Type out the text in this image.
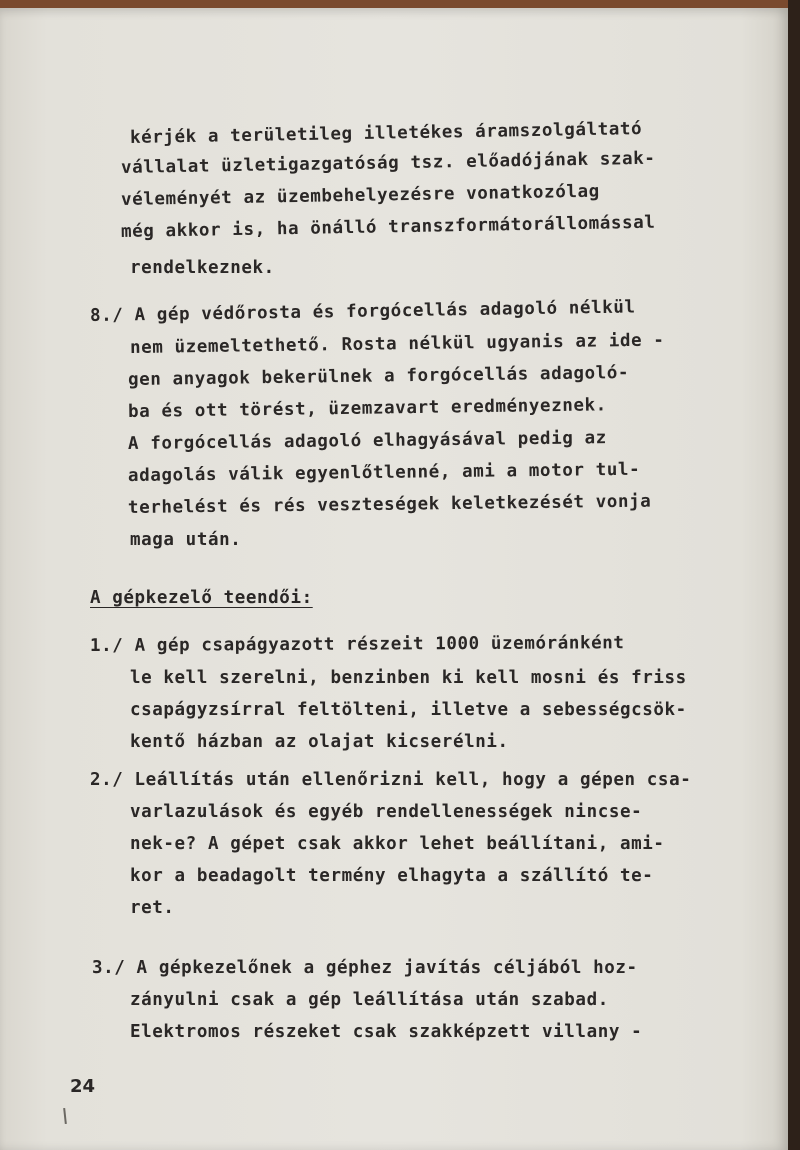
kérjék a területileg illetékes áramszolgáltató
vállalat üzletigazgatóság tsz. előadójának szak-
véleményét az üzembehelyezésre vonatkozólag
még akkor is, ha önálló transzformátorállomással
rendelkeznek.
8./ A gép védőrosta és forgócellás adagoló nélkül
nem üzemeltethető. Rosta nélkül ugyanis az ide -
gen anyagok bekerülnek a forgócellás adagoló-
ba és ott törést, üzemzavart eredményeznek.
A forgócellás adagoló elhagyásával pedig az
adagolás válik egyenlőtlenné, ami a motor tul-
terhelést és rés veszteségek keletkezését vonja
maga után.
A gépkezelő teendői:
1./ A gép csapágyazott részeit 1000 üzemóránként
le kell szerelni, benzinben ki kell mosni és friss
csapágyzsírral feltölteni, illetve a sebességcsök-
kentő házban az olajat kicserélni.
2./ Leállítás után ellenőrizni kell, hogy a gépen csa-
varlazulások és egyéb rendellenességek nincse-
nek-e? A gépet csak akkor lehet beállítani, ami-
kor a beadagolt termény elhagyta a szállító te-
ret.
3./ A gépkezelőnek a géphez javítás céljából hoz-
zányulni csak a gép leállítása után szabad.
Elektromos részeket csak szakképzett villany -
24
